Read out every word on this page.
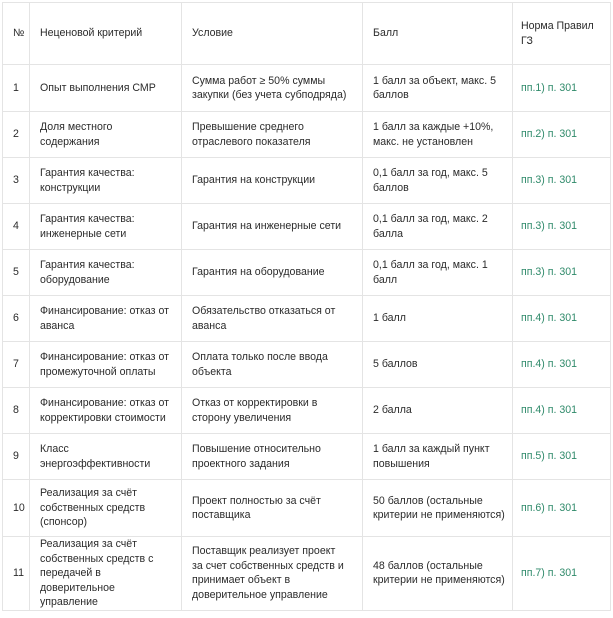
№	Неценовой критерий	Условие	Балл	Норма Правил ГЗ
1	Опыт выполнения СМР	Сумма работ ≥ 50% суммы закупки (без учета субподряда)	1 балл за объект, макс. 5 баллов	пп.1) п. 301
2	Доля местного содержания	Превышение среднего отраслевого показателя	1 балл за каждые +10%, макс. не установлен	пп.2) п. 301
3	Гарантия качества: конструкции	Гарантия на конструкции	0,1 балл за год, макс. 5 баллов	пп.3) п. 301
4	Гарантия качества: инженерные сети	Гарантия на инженерные сети	0,1 балл за год, макс. 2 балла	пп.3) п. 301
5	Гарантия качества: оборудование	Гарантия на оборудование	0,1 балл за год, макс. 1 балл	пп.3) п. 301
6	Финансирование: отказ от аванса	Обязательство отказаться от аванса	1 балл	пп.4) п. 301
7	Финансирование: отказ от промежуточной оплаты	Оплата только после ввода объекта	5 баллов	пп.4) п. 301
8	Финансирование: отказ от корректировки стоимости	Отказ от корректировки в сторону увеличения	2 балла	пп.4) п. 301
9	Класс энергоэффективности	Повышение относительно проектного задания	1 балл за каждый пункт повышения	пп.5) п. 301
10	Реализация за счёт собственных средств (спонсор)	Проект полностью за счёт поставщика	50 баллов (остальные критерии не применяются)	пп.6) п. 301
11	Реализация за счёт собственных средств с передачей в доверительное управление	Поставщик реализует проект за счет собственных средств и принимает объект в доверительное управление	48 баллов (остальные критерии не применяются)	пп.7) п. 301
